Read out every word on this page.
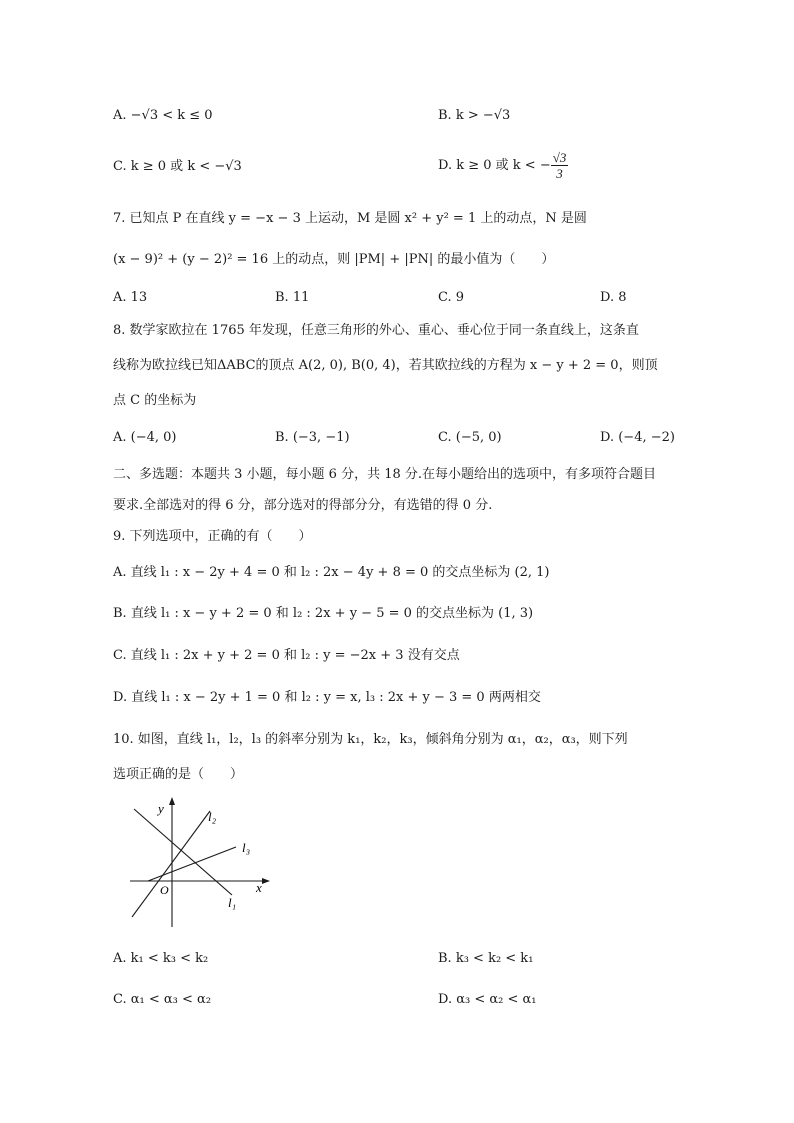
A. −√3 < k ≤ 0	B. k > −√3
C. k ≥ 0 或 k < −√3	D. k ≥ 0 或 k < − $\frac{√3}{3}$
7. 已知点 P 在直线 y = −x − 3 上运动，M 是圆 x² + y² = 1 上的动点，N 是圆
(x − 9)² + (y − 2)² = 16 上的动点，则 |PM| + |PN| 的最小值为（　　）
A. 13	B. 11	C. 9	D. 8
8. 数学家欧拉在 1765 年发现，任意三角形的外心、重心、垂心位于同一条直线上，这条直
线称为欧拉线已知ΔABC的顶点 A(2, 0), B(0, 4)，若其欧拉线的方程为 x − y + 2 = 0，则顶
点 C 的坐标为
A. (−4, 0)	B. (−3, −1)	C. (−5, 0)	D. (−4, −2)
二、多选题：本题共 3 小题，每小题 6 分，共 18 分.在每小题给出的选项中，有多项符合题目
要求.全部选对的得 6 分，部分选对的得部分分，有选错的得 0 分.
9. 下列选项中，正确的有（　　）
A. 直线 l₁ : x − 2y + 4 = 0 和 l₂ : 2x − 4y + 8 = 0 的交点坐标为 (2, 1)
B. 直线 l₁ : x − y + 2 = 0 和 l₂ : 2x + y − 5 = 0 的交点坐标为 (1, 3)
C. 直线 l₁ : 2x + y + 2 = 0 和 l₂ : y = −2x + 3 没有交点
D. 直线 l₁ : x − 2y + 1 = 0 和 l₂ : y = x, l₃ : 2x + y − 3 = 0 两两相交
10. 如图，直线 l₁，l₂，l₃ 的斜率分别为 k₁，k₂，k₃，倾斜角分别为 α₁，α₂，α₃，则下列
选项正确的是（　　）
y
x
O
l₂
l₃
l₁
A. k₁ < k₃ < k₂	B. k₃ < k₂ < k₁
C. α₁ < α₃ < α₂	D. α₃ < α₂ < α₁
